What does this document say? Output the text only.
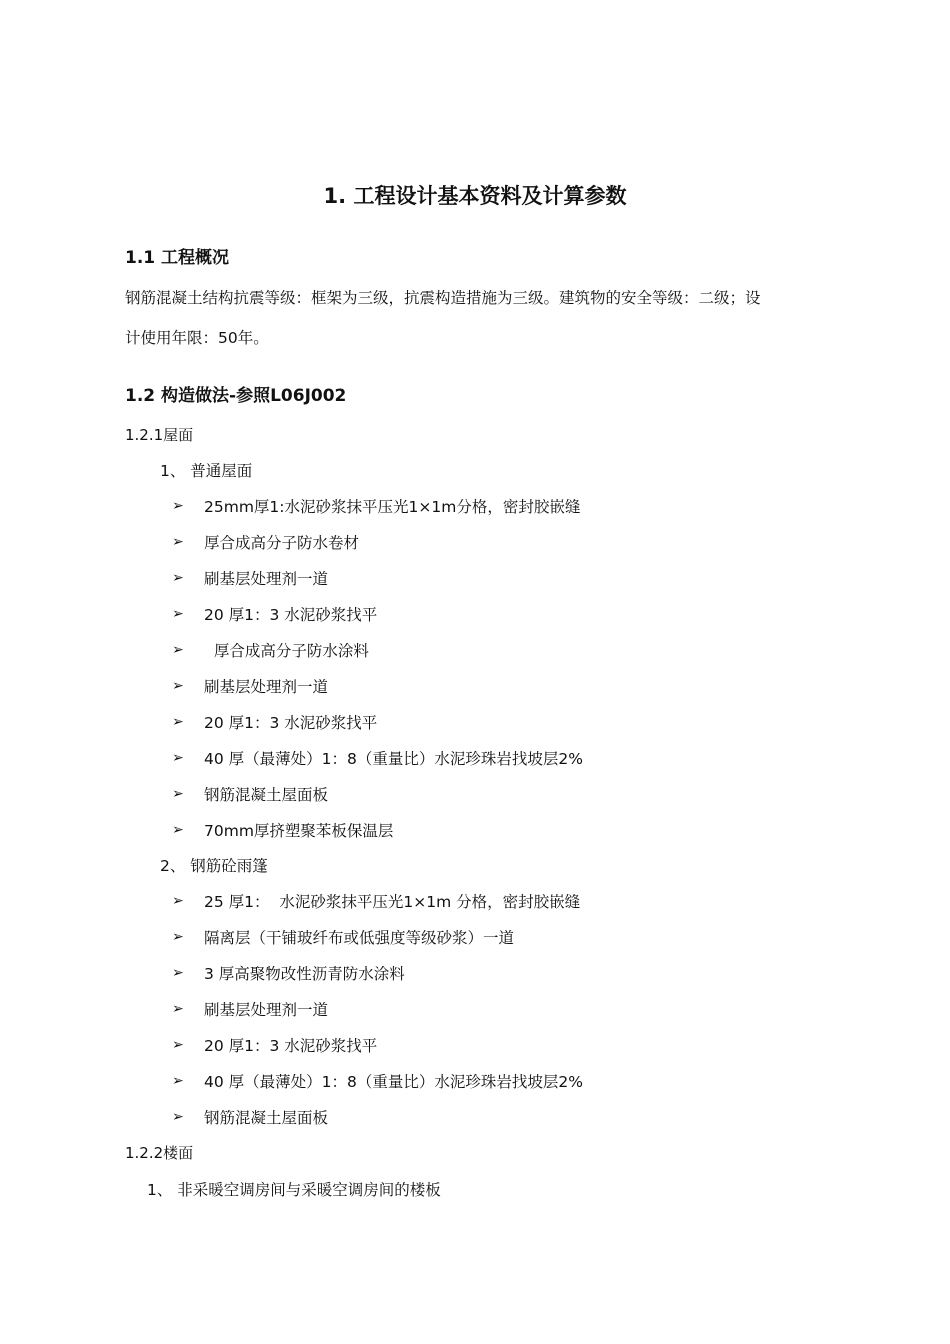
1. 工程设计基本资料及计算参数
1.1 工程概况
钢筋混凝土结构抗震等级：框架为三级，抗震构造措施为三级。建筑物的安全等级：二级；设
计使用年限：50年。
1.2 构造做法-参照L06J002
1.2.1屋面
1、 普通屋面
➢	25mm厚1:水泥砂浆抹平压光1×1m分格，密封胶嵌缝
➢	厚合成高分子防水卷材
➢	刷基层处理剂一道
➢	20 厚1：3 水泥砂浆找平
➢	厚合成高分子防水涂料
➢	刷基层处理剂一道
➢	20 厚1：3 水泥砂浆找平
➢	40 厚（最薄处）1：8（重量比）水泥珍珠岩找坡层2%
➢	钢筋混凝土屋面板
➢	70mm厚挤塑聚苯板保温层
2、 钢筋砼雨篷
➢	25 厚1：  水泥砂浆抹平压光1×1m 分格，密封胶嵌缝
➢	隔离层（干铺玻纤布或低强度等级砂浆）一道
➢	3 厚高聚物改性沥青防水涂料
➢	刷基层处理剂一道
➢	20 厚1：3 水泥砂浆找平
➢	40 厚（最薄处）1：8（重量比）水泥珍珠岩找坡层2%
➢	钢筋混凝土屋面板
1.2.2楼面
1、 非采暖空调房间与采暖空调房间的楼板
